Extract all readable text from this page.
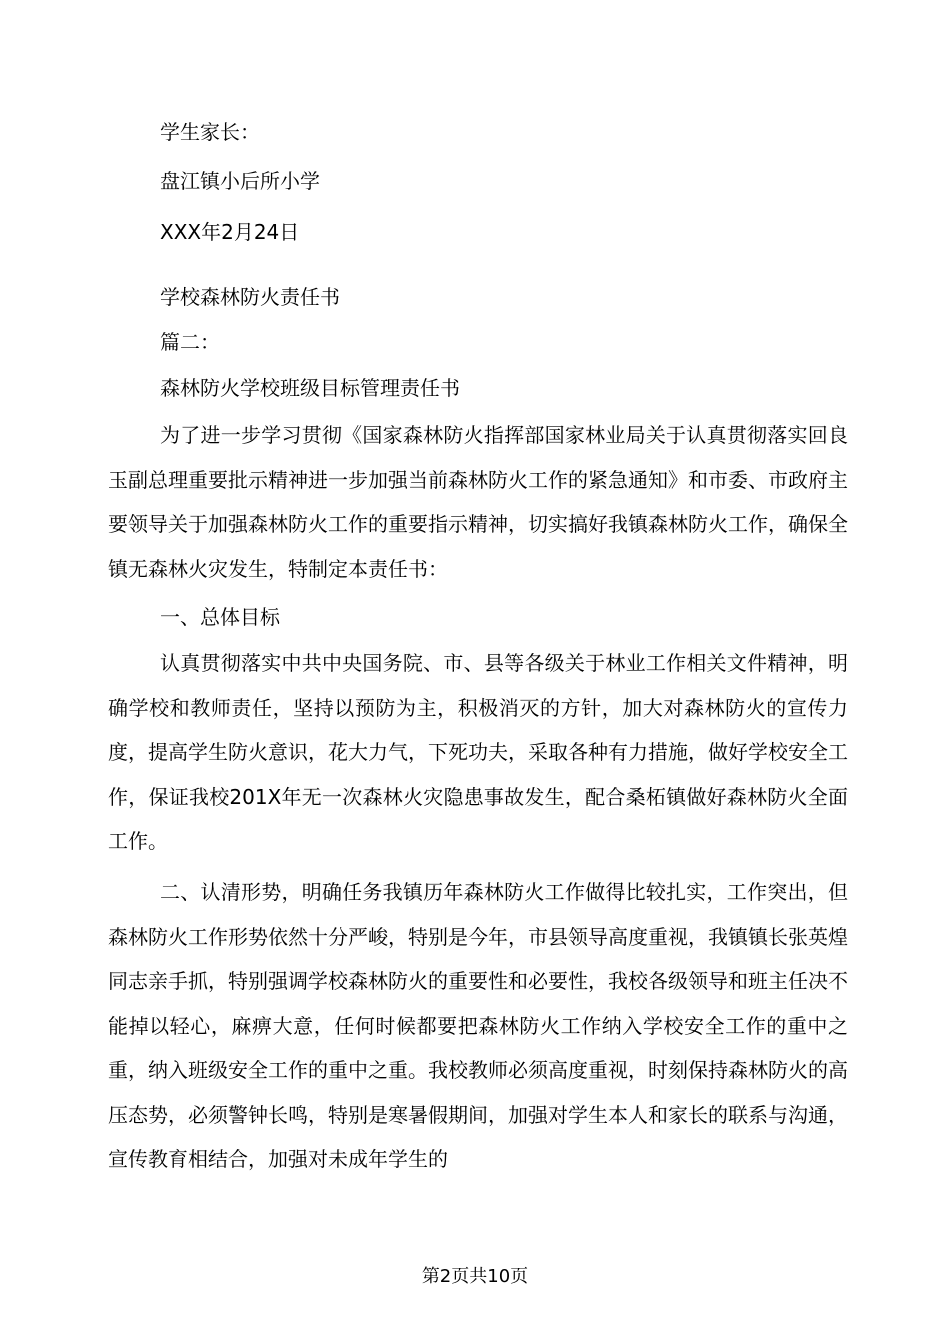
学生家长：
盘江镇小后所小学
XXX年2月24日
学校森林防火责任书
篇二：
森林防火学校班级目标管理责任书

为了进一步学习贯彻《国家森林防火指挥部国家林业局关于认真贯彻落实回良玉副总理重要批示精神进一步加强当前森林防火工作的紧急通知》和市委、市政府主要领导关于加强森林防火工作的重要指示精神，切实搞好我镇森林防火工作，确保全镇无森林火灾发生，特制定本责任书：

一、总体目标

认真贯彻落实中共中央国务院、市、县等各级关于林业工作相关文件精神，明确学校和教师责任，坚持以预防为主，积极消灭的方针，加大对森林防火的宣传力度，提高学生防火意识，花大力气，下死功夫，采取各种有力措施，做好学校安全工作，保证我校201X年无一次森林火灾隐患事故发生，配合桑柘镇做好森林防火全面工作。

二、认清形势，明确任务我镇历年森林防火工作做得比较扎实，工作突出，但森林防火工作形势依然十分严峻，特别是今年，市县领导高度重视，我镇镇长张英煌同志亲手抓，特别强调学校森林防火的重要性和必要性，我校各级领导和班主任决不能掉以轻心，麻痹大意，任何时候都要把森林防火工作纳入学校安全工作的重中之重，纳入班级安全工作的重中之重。我校教师必须高度重视，时刻保持森林防火的高压态势，必须警钟长鸣，特别是寒暑假期间，加强对学生本人和家长的联系与沟通，宣传教育相结合，加强对未成年学生的

第2页共10页
